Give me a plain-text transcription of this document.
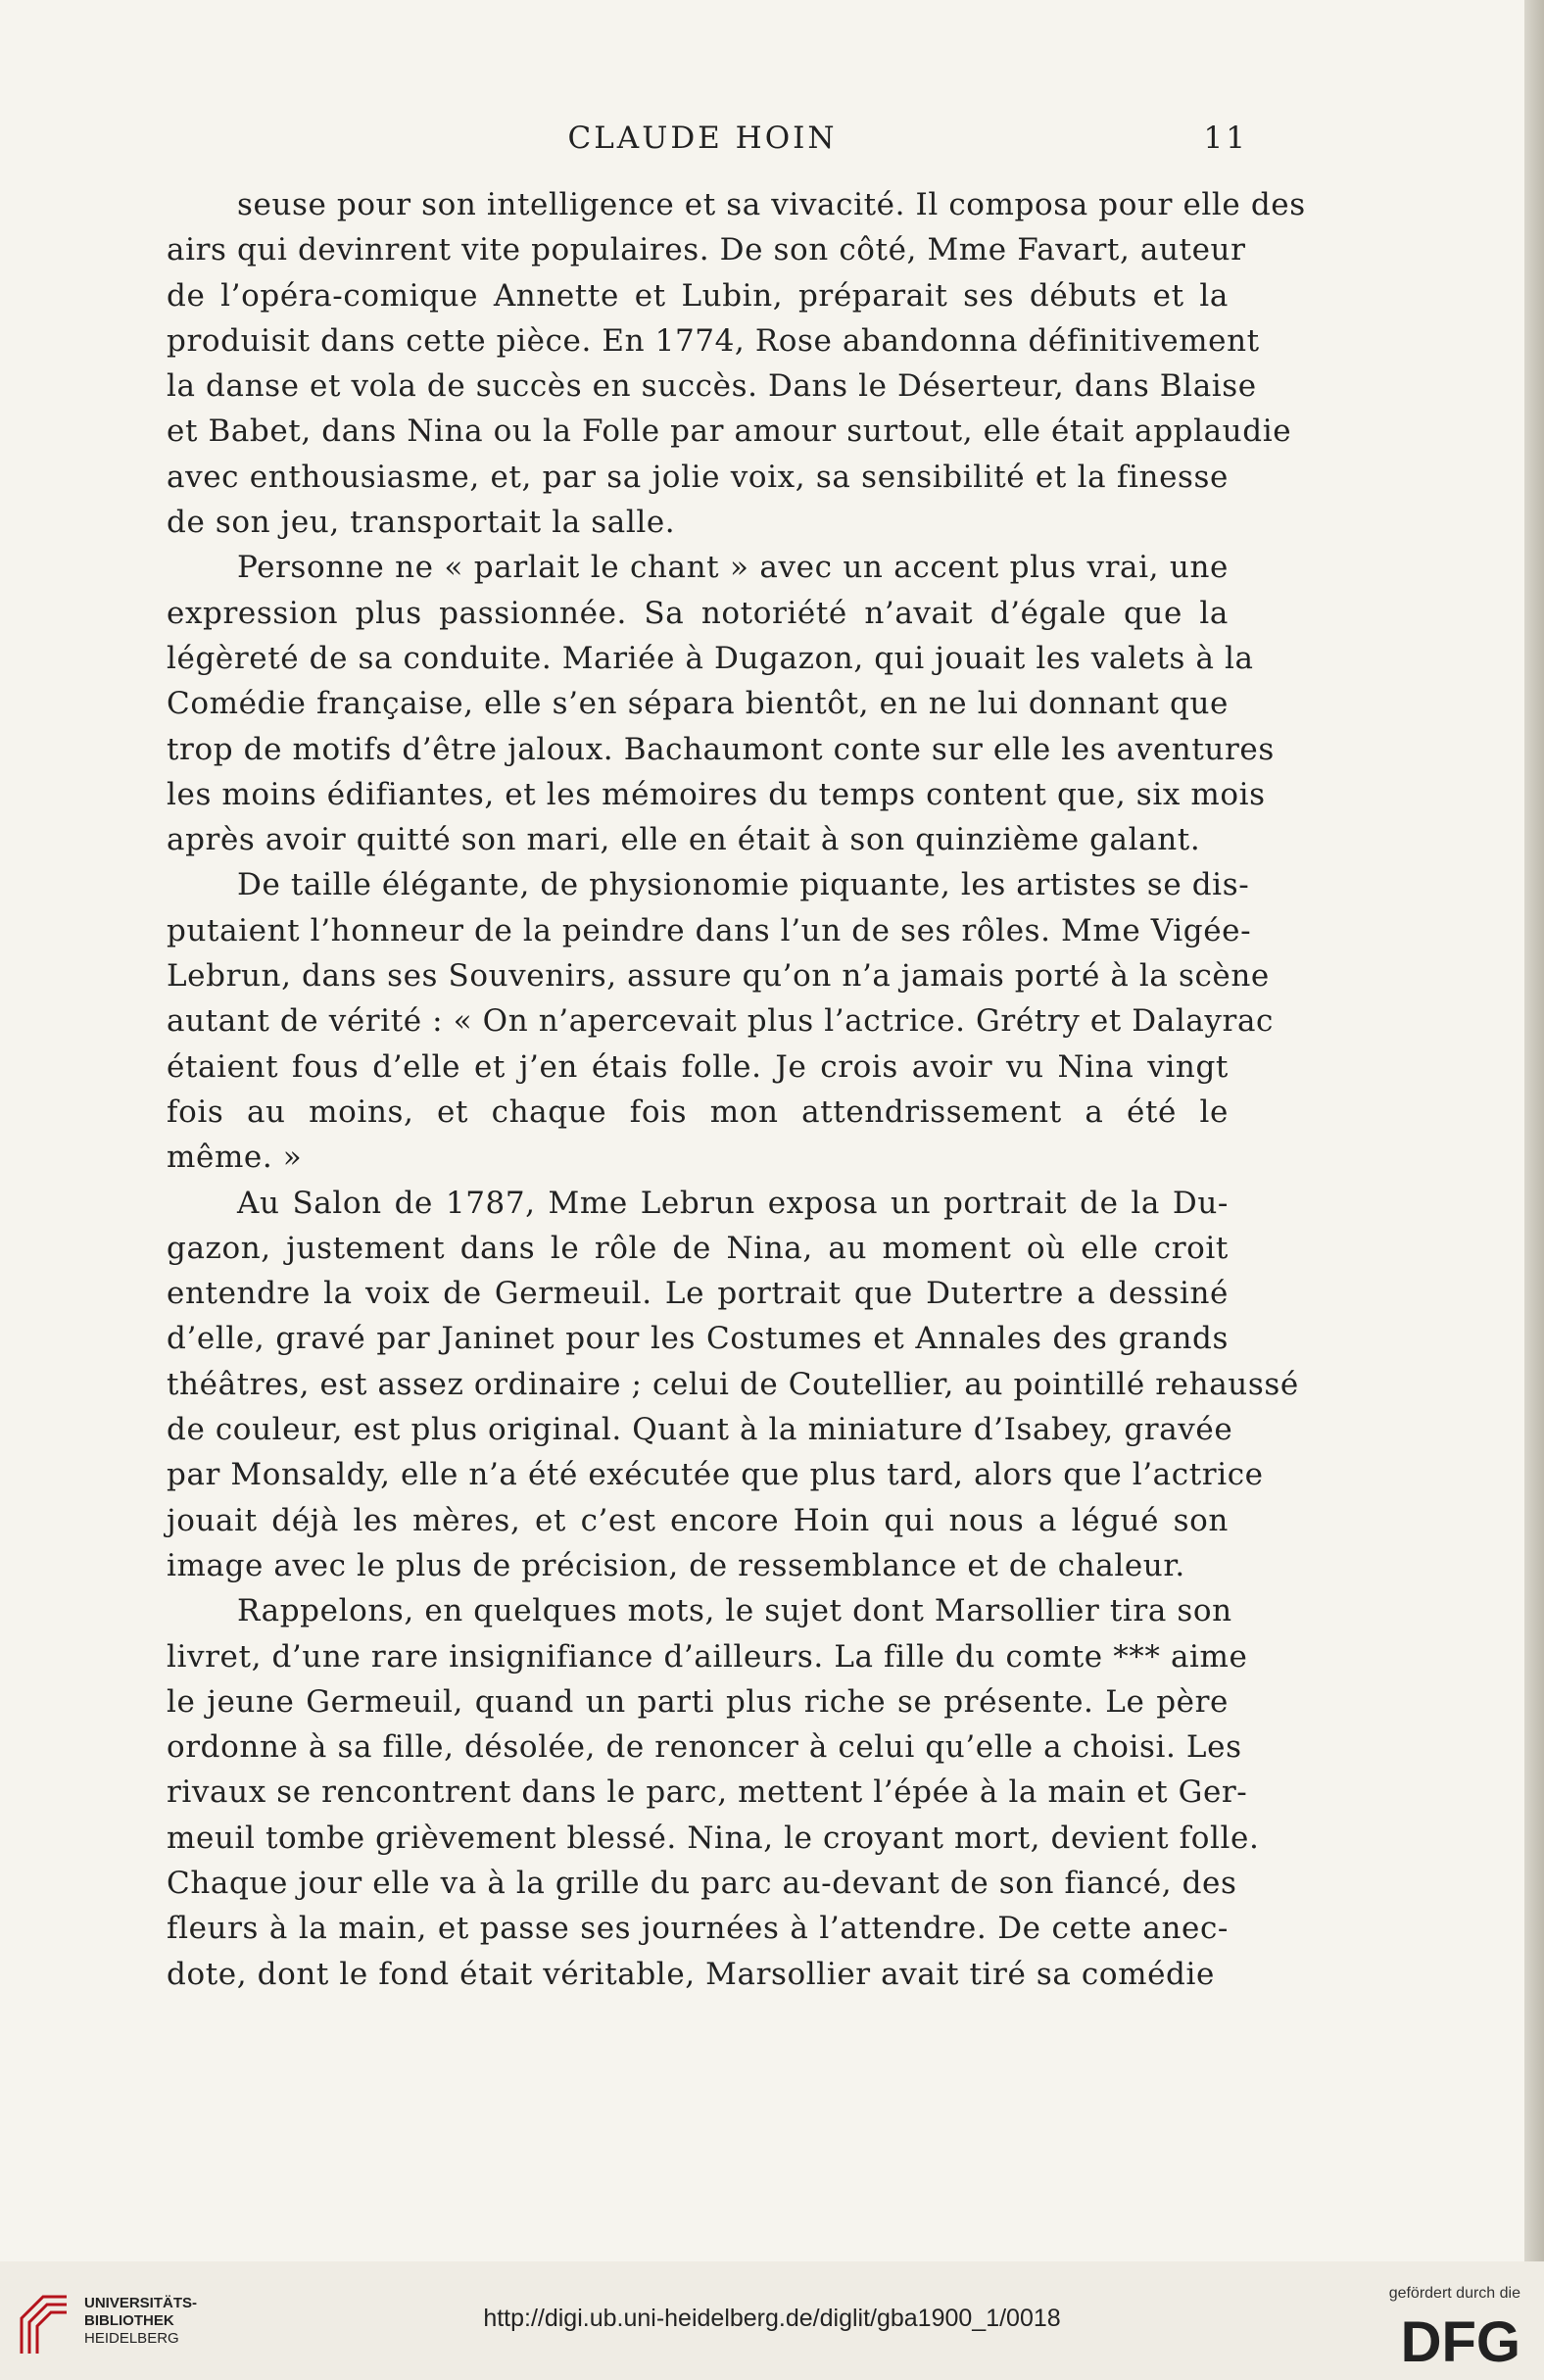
CLAUDE HOIN	11
seuse pour son intelligence et sa vivacité. Il composa pour elle des
airs qui devinrent vite populaires. De son côté, Mme Favart, auteur
de l’opéra-comique Annette et Lubin, préparait ses débuts et la
produisit dans cette pièce. En 1774, Rose abandonna définitivement
la danse et vola de succès en succès. Dans le Déserteur, dans Blaise
et Babet, dans Nina ou la Folle par amour surtout, elle était applaudie
avec enthousiasme, et, par sa jolie voix, sa sensibilité et la finesse
de son jeu, transportait la salle.
Personne ne « parlait le chant » avec un accent plus vrai, une
expression plus passionnée. Sa notoriété n’avait d’égale que la
légèreté de sa conduite. Mariée à Dugazon, qui jouait les valets à la
Comédie française, elle s’en sépara bientôt, en ne lui donnant que
trop de motifs d’être jaloux. Bachaumont conte sur elle les aventures
les moins édifiantes, et les mémoires du temps content que, six mois
après avoir quitté son mari, elle en était à son quinzième galant.
De taille élégante, de physionomie piquante, les artistes se dis-
putaient l’honneur de la peindre dans l’un de ses rôles. Mme Vigée-
Lebrun, dans ses Souvenirs, assure qu’on n’a jamais porté à la scène
autant de vérité : « On n’apercevait plus l’actrice. Grétry et Dalayrac
étaient fous d’elle et j’en étais folle. Je crois avoir vu Nina vingt
fois au moins, et chaque fois mon attendrissement a été le
même. »
Au Salon de 1787, Mme Lebrun exposa un portrait de la Du-
gazon, justement dans le rôle de Nina, au moment où elle croit
entendre la voix de Germeuil. Le portrait que Dutertre a dessiné
d’elle, gravé par Janinet pour les Costumes et Annales des grands
théâtres, est assez ordinaire ; celui de Coutellier, au pointillé rehaussé
de couleur, est plus original. Quant à la miniature d’Isabey, gravée
par Monsaldy, elle n’a été exécutée que plus tard, alors que l’actrice
jouait déjà les mères, et c’est encore Hoin qui nous a légué son
image avec le plus de précision, de ressemblance et de chaleur.
Rappelons, en quelques mots, le sujet dont Marsollier tira son
livret, d’une rare insignifiance d’ailleurs. La fille du comte *** aime
le jeune Germeuil, quand un parti plus riche se présente. Le père
ordonne à sa fille, désolée, de renoncer à celui qu’elle a choisi. Les
rivaux se rencontrent dans le parc, mettent l’épée à la main et Ger-
meuil tombe grièvement blessé. Nina, le croyant mort, devient folle.
Chaque jour elle va à la grille du parc au-devant de son fiancé, des
fleurs à la main, et passe ses journées à l’attendre. De cette anec-
dote, dont le fond était véritable, Marsollier avait tiré sa comédie
UNIVERSITÄTS-
BIBLIOTHEK
HEIDELBERG
http://digi.ub.uni-heidelberg.de/diglit/gba1900_1/0018
gefördert durch die
DFG
